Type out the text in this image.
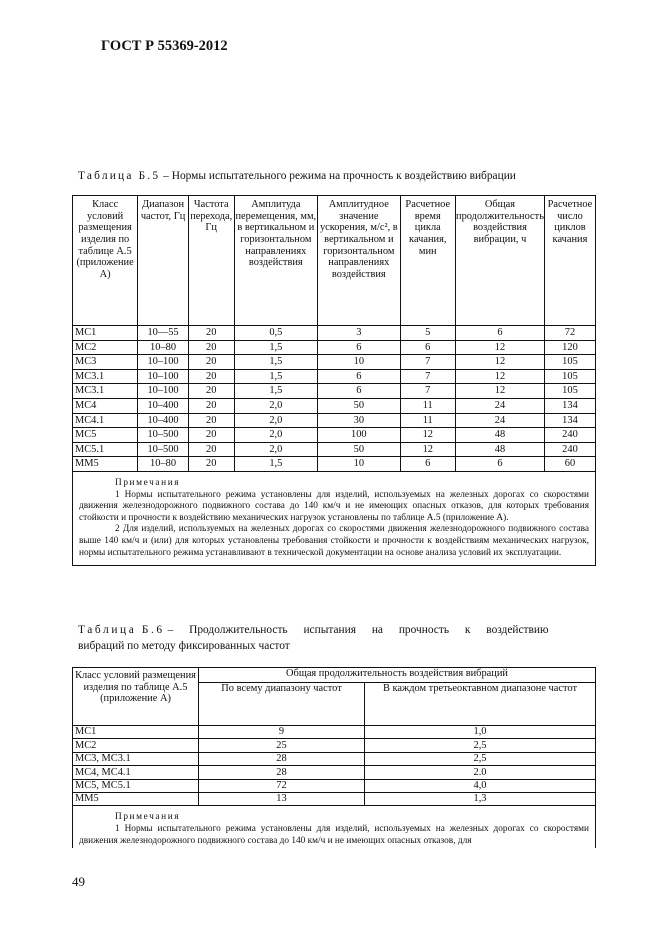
ГОСТ Р 55369-2012
Таблица Б.5 – Нормы испытательного режима на прочность к воздействию вибрации
Класс условий размещения изделия по таблице А.5 (приложение А)	Диапазон частот, Гц	Частота перехода, Гц	Амплитуда перемещения, мм, в вертикальном и горизонтальном направлениях воздействия	Амплитудное значение ускорения, м/с², в вертикальном и горизонтальном направлениях воздействия	Расчетное время цикла качания, мин	Общая продолжительность воздействия вибрации, ч	Расчетное число циклов качания
МС1	10—55	20	0,5	3	5	6	72
МС2	10–80	20	1,5	6	6	12	120
МС3	10–100	20	1,5	10	7	12	105
МС3.1	10–100	20	1,5	6	7	12	105
МС3.1	10–100	20	1,5	6	7	12	105
МС4	10–400	20	2,0	50	11	24	134
МС4.1	10–400	20	2,0	30	11	24	134
МС5	10–500	20	2,0	100	12	48	240
МС5.1	10–500	20	2,0	50	12	48	240
ММ5	10–80	20	1,5	10	6	6	60

Примечания

1 Нормы испытательного режима установлены для изделий, используемых на железных дорогах со скоростями движения железнодорожного подвижного состава до 140 км/ч и не имеющих опасных отказов, для которых требования стойкости и прочности к воздействию механических нагрузок установлены по таблице А.5 (приложение А).

2 Для изделий, используемых на железных дорогах со скоростями движения железнодорожного подвижного состава выше 140 км/ч и (или) для которых установлены требования стойкости и прочности к воздействиям механических нагрузок, нормы испытательного режима устанавливают в технической документации на основе анализа условий их эксплуатации.							

Таблица Б.6 – Продолжительность испытания на прочность к воздействию
вибраций по методу фиксированных частот
Класс условий размещения изделия по таблице А.5 (приложение А)	Общая продолжительность воздействия вибраций	
	По всему диапазону частот	В каждом третьеоктавном диапазоне частот
МС1	9	1,0
МС2	25	2,5
МС3, МС3.1	28	2,5
МС4, МС4.1	28	2.0
МС5, МС5.1	72	4,0
ММ5	13	1,3

Примечания

1 Нормы испытательного режима установлены для изделий, используемых на железных дорогах со скоростями движения железнодорожного подвижного состава до 140 км/ч и не имеющих опасных отказов, для		

49
